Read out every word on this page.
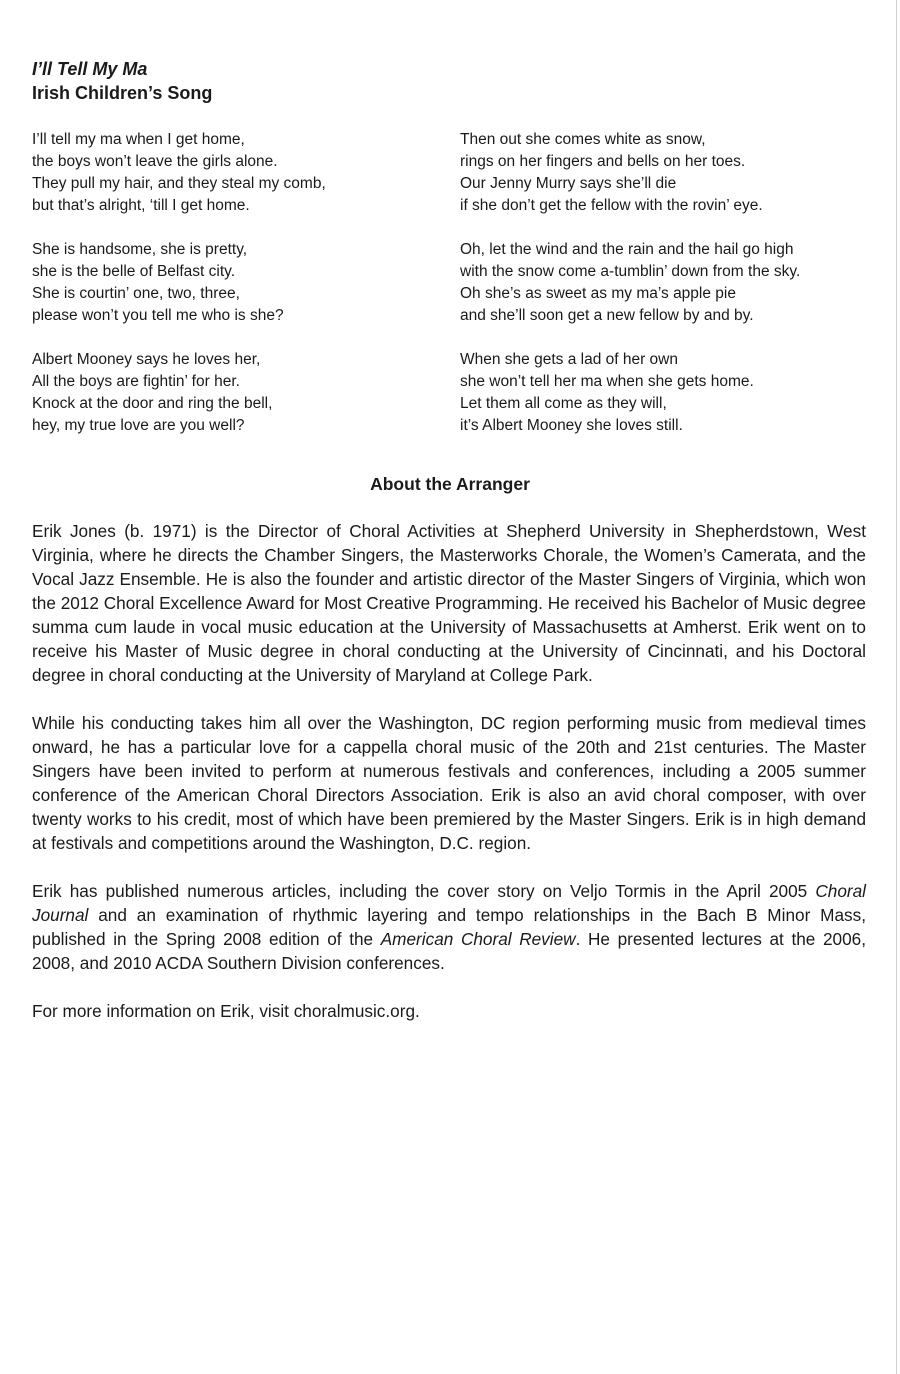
I’ll Tell My Ma

Irish Children’s Song

I’ll tell my ma when I get home,
the boys won’t leave the girls alone.
They pull my hair, and they steal my comb,
but that’s alright, ‘till I get home.
She is handsome, she is pretty,
she is the belle of Belfast city.
She is courtin’ one, two, three,
please won’t you tell me who is she?
Albert Mooney says he loves her,
All the boys are fightin’ for her.
Knock at the door and ring the bell,
hey, my true love are you well?
Then out she comes white as snow,
rings on her fingers and bells on her toes.
Our Jenny Murry says she’ll die
if she don’t get the fellow with the rovin’ eye.
Oh, let the wind and the rain and the hail go high
with the snow come a-tumblin’ down from the sky.
Oh she’s as sweet as my ma’s apple pie
and she’ll soon get a new fellow by and by.
When she gets a lad of her own
she won’t tell her ma when she gets home.
Let them all come as they will,
it’s Albert Mooney she loves still.

About the Arranger

Erik Jones (b. 1971) is the Director of Choral Activities at Shepherd University in Shepherdstown, West Virginia, where he directs the Chamber Singers, the Masterworks Chorale, the Women’s Camerata, and the Vocal Jazz Ensemble. He is also the founder and artistic director of the Master Singers of Virginia, which won the 2012 Choral Excellence Award for Most Creative Programming. He received his Bachelor of Music degree summa cum laude in vocal music education at the University of Massachusetts at Amherst. Erik went on to receive his Master of Music degree in choral conducting at the University of Cincinnati, and his Doctoral degree in choral conducting at the University of Maryland at College Park.

While his conducting takes him all over the Washington, DC region performing music from medieval times onward, he has a particular love for a cappella choral music of the 20th and 21st centuries. The Master Singers have been invited to perform at numerous festivals and conferences, including a 2005 summer conference of the American Choral Directors Association. Erik is also an avid choral composer, with over twenty works to his credit, most of which have been premiered by the Master Singers. Erik is in high demand at festivals and competitions around the Washington, D.C. region.

Erik has published numerous articles, including the cover story on Veljo Tormis in the April 2005 Choral Journal and an examination of rhythmic layering and tempo relationships in the Bach B Minor Mass, published in the Spring 2008 edition of the American Choral Review. He presented lectures at the 2006, 2008, and 2010 ACDA Southern Division conferences.

For more information on Erik, visit choralmusic.org.
